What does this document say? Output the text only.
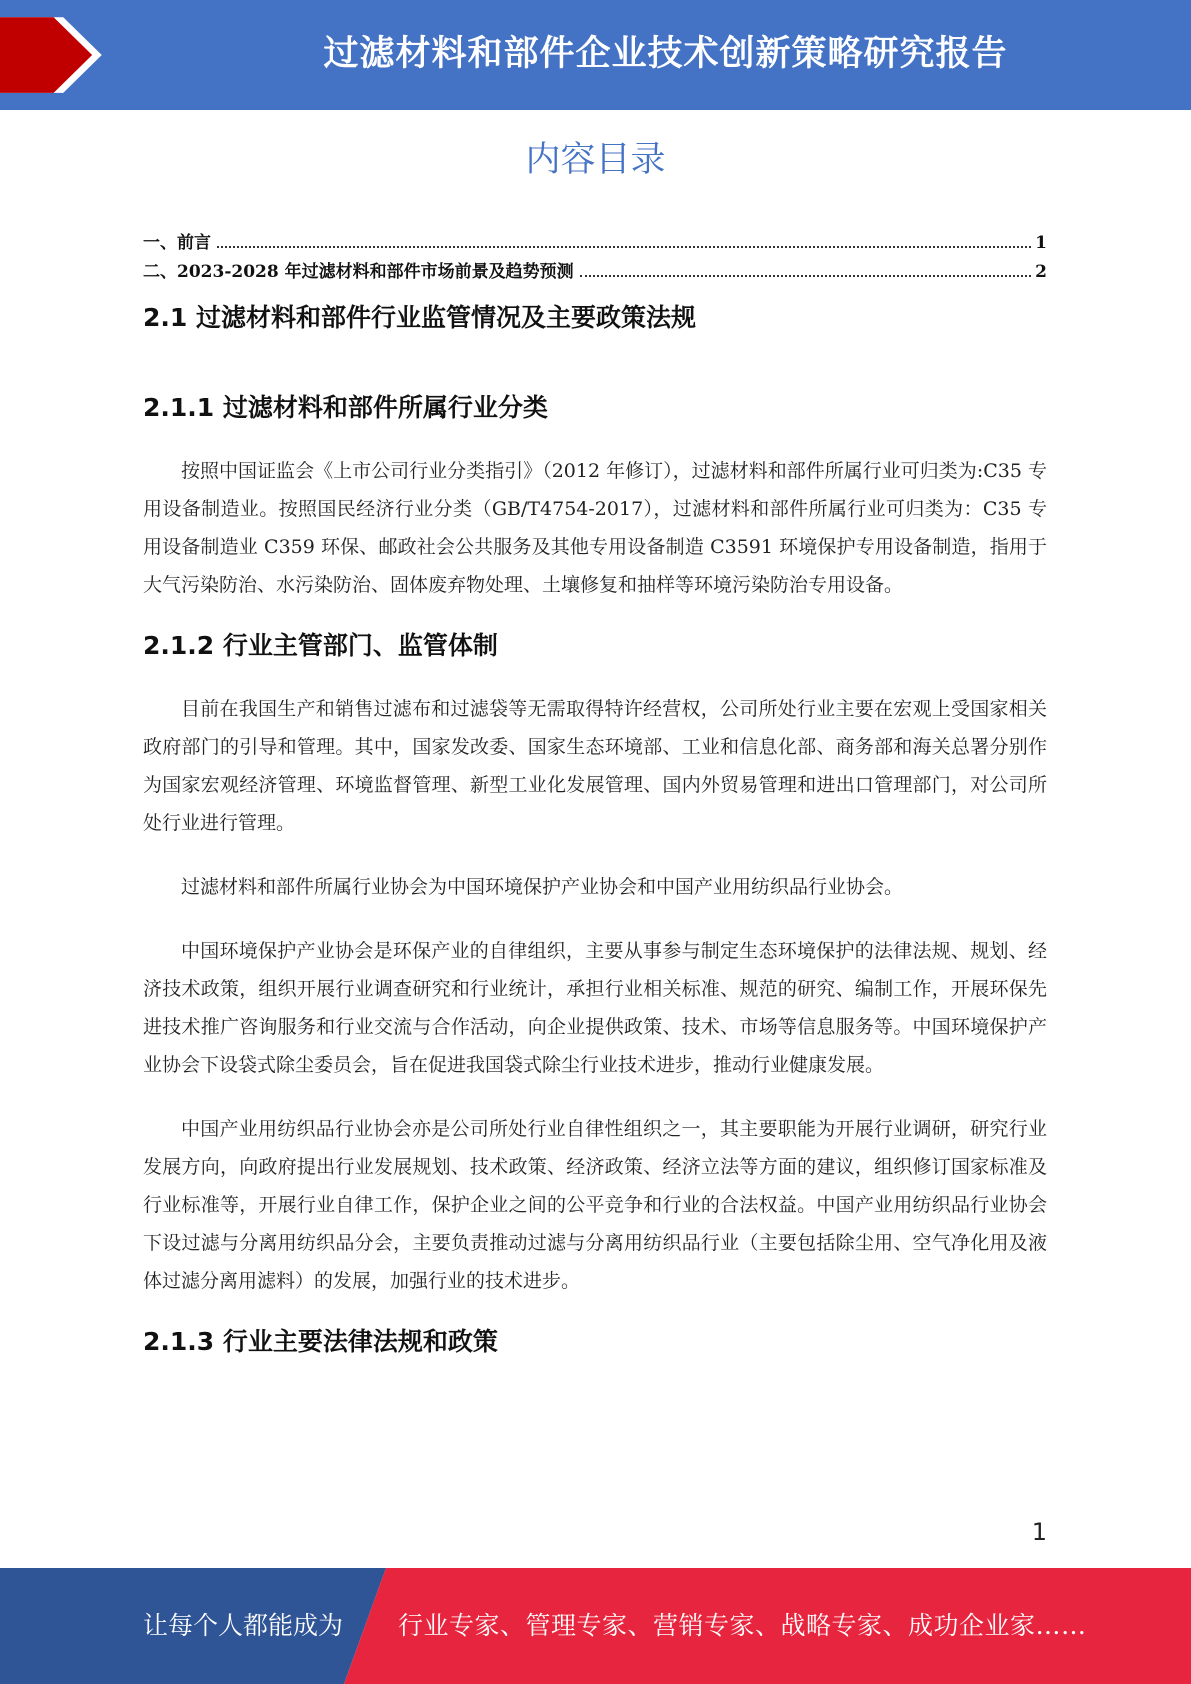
过滤材料和部件企业技术创新策略研究报告
内容目录
一、前言	1
二、2023-2028 年过滤材料和部件市场前景及趋势预测	2
2.1 过滤材料和部件行业监管情况及主要政策法规
2.1.1 过滤材料和部件所属行业分类

按照中国证监会《上市公司行业分类指引》（2012 年修订），过滤材料和部件所属行业可归类为:C35 专用设备制造业。按照国民经济行业分类（GB/T4754-2017），过滤材料和部件所属行业可归类为：C35 专用设备制造业 C359 环保、邮政社会公共服务及其他专用设备制造 C3591 环境保护专用设备制造，指用于大气污染防治、水污染防治、固体废弃物处理、土壤修复和抽样等环境污染防治专用设备。

2.1.2 行业主管部门、监管体制

目前在我国生产和销售过滤布和过滤袋等无需取得特许经营权，公司所处行业主要在宏观上受国家相关政府部门的引导和管理。其中，国家发改委、国家生态环境部、工业和信息化部、商务部和海关总署分别作为国家宏观经济管理、环境监督管理、新型工业化发展管理、国内外贸易管理和进出口管理部门，对公司所处行业进行管理。

过滤材料和部件所属行业协会为中国环境保护产业协会和中国产业用纺织品行业协会。

中国环境保护产业协会是环保产业的自律组织，主要从事参与制定生态环境保护的法律法规、规划、经济技术政策，组织开展行业调查研究和行业统计，承担行业相关标准、规范的研究、编制工作，开展环保先进技术推广咨询服务和行业交流与合作活动，向企业提供政策、技术、市场等信息服务等。中国环境保护产业协会下设袋式除尘委员会，旨在促进我国袋式除尘行业技术进步，推动行业健康发展。

中国产业用纺织品行业协会亦是公司所处行业自律性组织之一，其主要职能为开展行业调研，研究行业发展方向，向政府提出行业发展规划、技术政策、经济政策、经济立法等方面的建议，组织修订国家标准及行业标准等，开展行业自律工作，保护企业之间的公平竞争和行业的合法权益。中国产业用纺织品行业协会下设过滤与分离用纺织品分会，主要负责推动过滤与分离用纺织品行业（主要包括除尘用、空气净化用及液体过滤分离用滤料）的发展，加强行业的技术进步。

2.1.3 行业主要法律法规和政策
1
让每个人都能成为 行业专家、管理专家、营销专家、战略专家、成功企业家……
